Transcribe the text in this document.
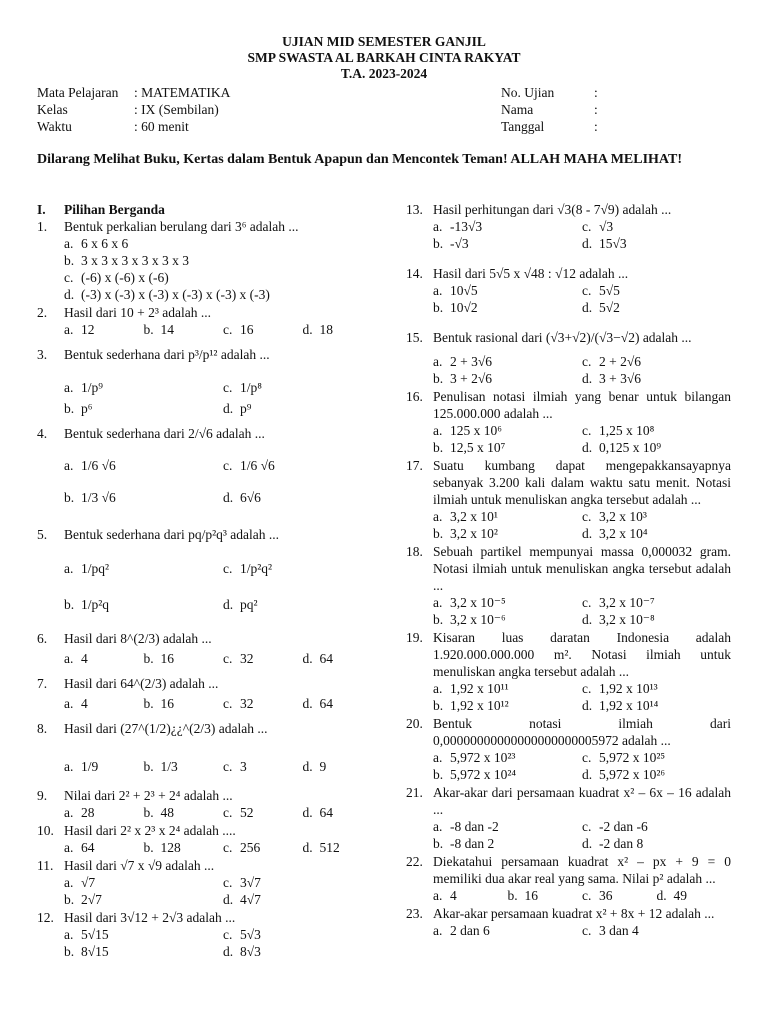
UJIAN MID SEMESTER GANJIL
SMP SWASTA AL BARKAH CINTA RAKYAT
T.A. 2023-2024
Mata Pelajaran	: MATEMATIKA
Kelas	: IX (Sembilan)
Waktu	: 60 menit
No. Ujian	:
Nama	:
Tanggal	:
Dilarang Melihat Buku, Kertas dalam Bentuk Apapun dan Mencontek Teman! ALLAH MAHA MELIHAT!
I.	Pilihan Berganda
1.	Bentuk perkalian berulang dari 3⁶ adalah ...
a. 6 x 6 x 6
b. 3 x 3 x 3 x 3 x 3 x 3
c. (-6) x (-6) x (-6)
d. (-3) x (-3) x (-3) x (-3) x (-3) x (-3)
2.	Hasil dari 10 + 2³ adalah ...
a. 12	b. 14	c. 16	d. 18
3.	Bentuk sederhana dari p³/p¹² adalah ...
a. 1/p⁹	c. 1/p⁸
b. p⁶	d. p⁹
4.	Bentuk sederhana dari 2/√6 adalah ...
a. 1/6 √6	c. 1/6 √6
b. 1/3 √6	d. 6√6
5.	Bentuk sederhana dari pq/p²q³ adalah ...
a. 1/pq²	c. 1/p²q²
b. 1/p²q	d. pq²
6.	Hasil dari 8^(2/3) adalah ...
a. 4	b. 16	c. 32	d. 64
7.	Hasil dari 64^(2/3) adalah ...
a. 4	b. 16	c. 32	d. 64
8.	Hasil dari (27^(1/2)¿¿^(2/3) adalah ...
a. 1/9	b. 1/3	c. 3	d. 9
9.	Nilai dari 2² + 2³ + 2⁴ adalah ...
a. 28	b. 48	c. 52	d. 64
10. Hasil dari 2² x 2³ x 2⁴ adalah ....
a. 64	b. 128	c. 256	d. 512
11. Hasil dari √7 x √9 adalah ...
a. √7	c. 3√7
b. 2√7	d. 4√7
12. Hasil dari 3√12 + 2√3 adalah ...
a. 5√15	c. 5√3
b. 8√15	d. 8√3
13. Hasil perhitungan dari √3(8 - 7√9) adalah ...
a. -13√3	c. √3
b. -√3	d. 15√3
14. Hasil dari 5√5 x √48 : √12 adalah ...
a. 10√5	c. 5√5
b. 10√2	d. 5√2
15. Bentuk rasional dari (√3+√2)/(√3−√2) adalah ...
a. 2 + 3√6	c. 2 + 2√6
b. 3 + 2√6	d. 3 + 3√6
16. Penulisan notasi ilmiah yang benar untuk bilangan 125.000.000 adalah ...
a. 125 x 10⁶	c. 1,25 x 10⁸
b. 12,5 x 10⁷	d. 0,125 x 10⁹
17. Suatu kumbang dapat mengepakkansayapnya sebanyak 3.200 kali dalam waktu satu menit. Notasi ilmiah untuk menuliskan angka tersebut adalah ...
a. 3,2 x 10¹	c. 3,2 x 10³
b. 3,2 x 10²	d. 3,2 x 10⁴
18. Sebuah partikel mempunyai massa 0,000032 gram. Notasi ilmiah untuk menuliskan angka tersebut adalah ...
a. 3,2 x 10⁻⁵	c. 3,2 x 10⁻⁷
b. 3,2 x 10⁻⁶	d. 3,2 x 10⁻⁸
19. Kisaran luas daratan Indonesia adalah 1.920.000.000.000 m². Notasi ilmiah untuk menuliskan angka tersebut adalah ...
a. 1,92 x 10¹¹	c. 1,92 x 10¹³
b. 1,92 x 10¹²	d. 1,92 x 10¹⁴
20. Bentuk notasi ilmiah dari 0,00000000000000000000005972 adalah ...
a. 5,972 x 10²³	c. 5,972 x 10²⁵
b. 5,972 x 10²⁴	d. 5,972 x 10²⁶
21. Akar-akar dari persamaan kuadrat x² – 6x – 16 adalah ...
a. -8 dan -2	c. -2 dan -6
b. -8 dan 2	d. -2 dan 8
22. Diekatahui persamaan kuadrat x² – px + 9 = 0 memiliki dua akar real yang sama. Nilai p² adalah ...
a. 4	b. 16	c. 36	d. 49
23. Akar-akar persamaan kuadrat x² + 8x + 12 adalah ...
a. 2 dan 6	c. 3 dan 4
